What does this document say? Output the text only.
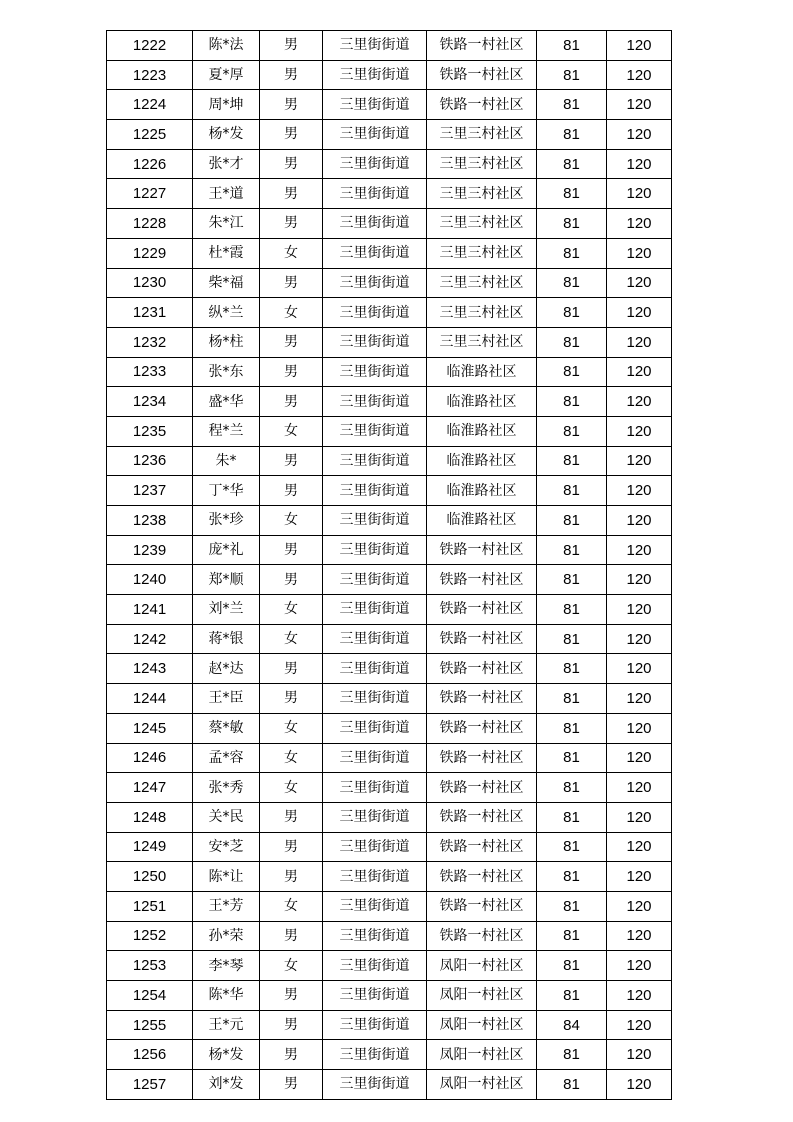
1222	陈*法	男	三里街街道	铁路一村社区	81	120
1223	夏*厚	男	三里街街道	铁路一村社区	81	120
1224	周*坤	男	三里街街道	铁路一村社区	81	120
1225	杨*发	男	三里街街道	三里三村社区	81	120
1226	张*才	男	三里街街道	三里三村社区	81	120
1227	王*道	男	三里街街道	三里三村社区	81	120
1228	朱*江	男	三里街街道	三里三村社区	81	120
1229	杜*霞	女	三里街街道	三里三村社区	81	120
1230	柴*福	男	三里街街道	三里三村社区	81	120
1231	纵*兰	女	三里街街道	三里三村社区	81	120
1232	杨*柱	男	三里街街道	三里三村社区	81	120
1233	张*东	男	三里街街道	临淮路社区	81	120
1234	盛*华	男	三里街街道	临淮路社区	81	120
1235	程*兰	女	三里街街道	临淮路社区	81	120
1236	朱*	男	三里街街道	临淮路社区	81	120
1237	丁*华	男	三里街街道	临淮路社区	81	120
1238	张*珍	女	三里街街道	临淮路社区	81	120
1239	庞*礼	男	三里街街道	铁路一村社区	81	120
1240	郑*顺	男	三里街街道	铁路一村社区	81	120
1241	刘*兰	女	三里街街道	铁路一村社区	81	120
1242	蒋*银	女	三里街街道	铁路一村社区	81	120
1243	赵*达	男	三里街街道	铁路一村社区	81	120
1244	王*臣	男	三里街街道	铁路一村社区	81	120
1245	蔡*敏	女	三里街街道	铁路一村社区	81	120
1246	孟*容	女	三里街街道	铁路一村社区	81	120
1247	张*秀	女	三里街街道	铁路一村社区	81	120
1248	关*民	男	三里街街道	铁路一村社区	81	120
1249	安*芝	男	三里街街道	铁路一村社区	81	120
1250	陈*让	男	三里街街道	铁路一村社区	81	120
1251	王*芳	女	三里街街道	铁路一村社区	81	120
1252	孙*荣	男	三里街街道	铁路一村社区	81	120
1253	李*琴	女	三里街街道	凤阳一村社区	81	120
1254	陈*华	男	三里街街道	凤阳一村社区	81	120
1255	王*元	男	三里街街道	凤阳一村社区	84	120
1256	杨*发	男	三里街街道	凤阳一村社区	81	120
1257	刘*发	男	三里街街道	凤阳一村社区	81	120
